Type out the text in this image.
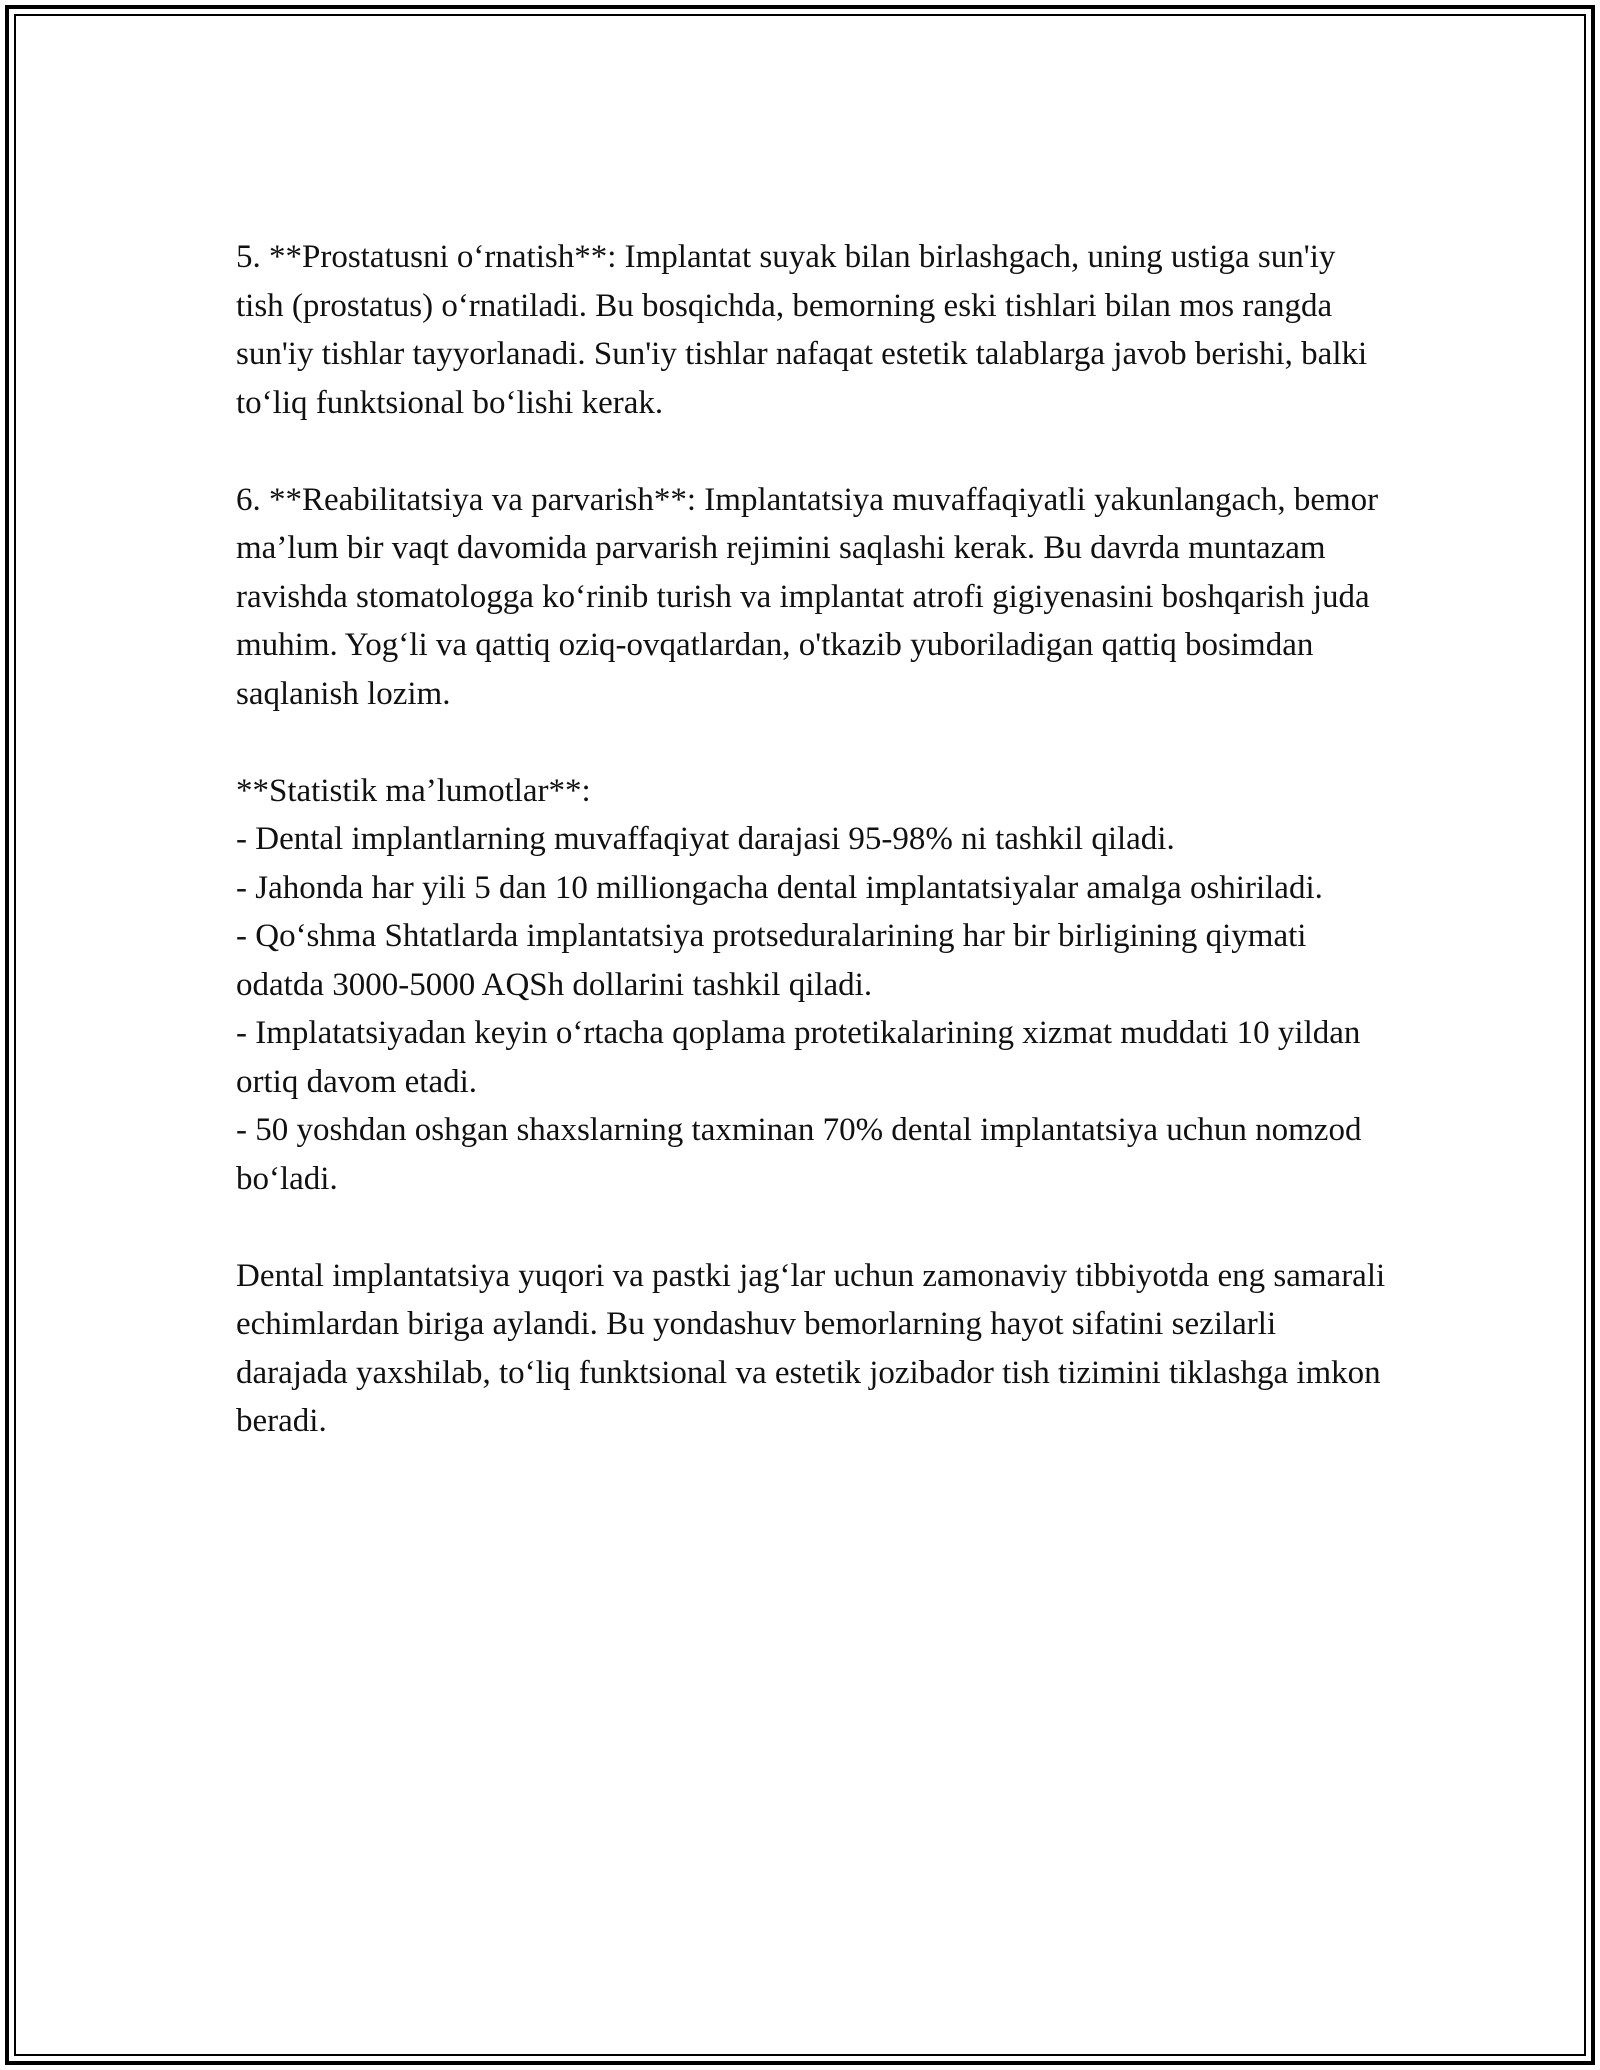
5. **Prostatusni o‘rnatish**: Implantat suyak bilan birlashgach, uning ustiga sun'iy tish (prostatus) o‘rnatiladi. Bu bosqichda, bemorning eski tishlari bilan mos rangda sun'iy tishlar tayyorlanadi. Sun'iy tishlar nafaqat estetik talablarga javob berishi, balki to‘liq funktsional bo‘lishi kerak.

6. **Reabilitatsiya va parvarish**: Implantatsiya muvaffaqiyatli yakunlangach, bemor ma’lum bir vaqt davomida parvarish rejimini saqlashi kerak. Bu davrda muntazam ravishda stomatologga ko‘rinib turish va implantat atrofi gigiyenasini boshqarish juda muhim. Yog‘li va qattiq oziq-ovqatlardan, o'tkazib yuboriladigan qattiq bosimdan saqlanish lozim.

**Statistik ma’lumotlar**:

- Dental implantlarning muvaffaqiyat darajasi 95-98% ni tashkil qiladi.
- Jahonda har yili 5 dan 10 milliongacha dental implantatsiyalar amalga oshiriladi.
- Qo‘shma Shtatlarda implantatsiya protseduralarining har bir birligining qiymati odatda 3000-5000 AQSh dollarini tashkil qiladi.
- Implatatsiyadan keyin o‘rtacha qoplama protetikalarining xizmat muddati 10 yildan ortiq davom etadi.
- 50 yoshdan oshgan shaxslarning taxminan 70% dental implantatsiya uchun nomzod bo‘ladi.

Dental implantatsiya yuqori va pastki jag‘lar uchun zamonaviy tibbiyotda eng samarali echimlardan biriga aylandi. Bu yondashuv bemorlarning hayot sifatini sezilarli darajada yaxshilab, to‘liq funktsional va estetik jozibador tish tizimini tiklashga imkon beradi.
